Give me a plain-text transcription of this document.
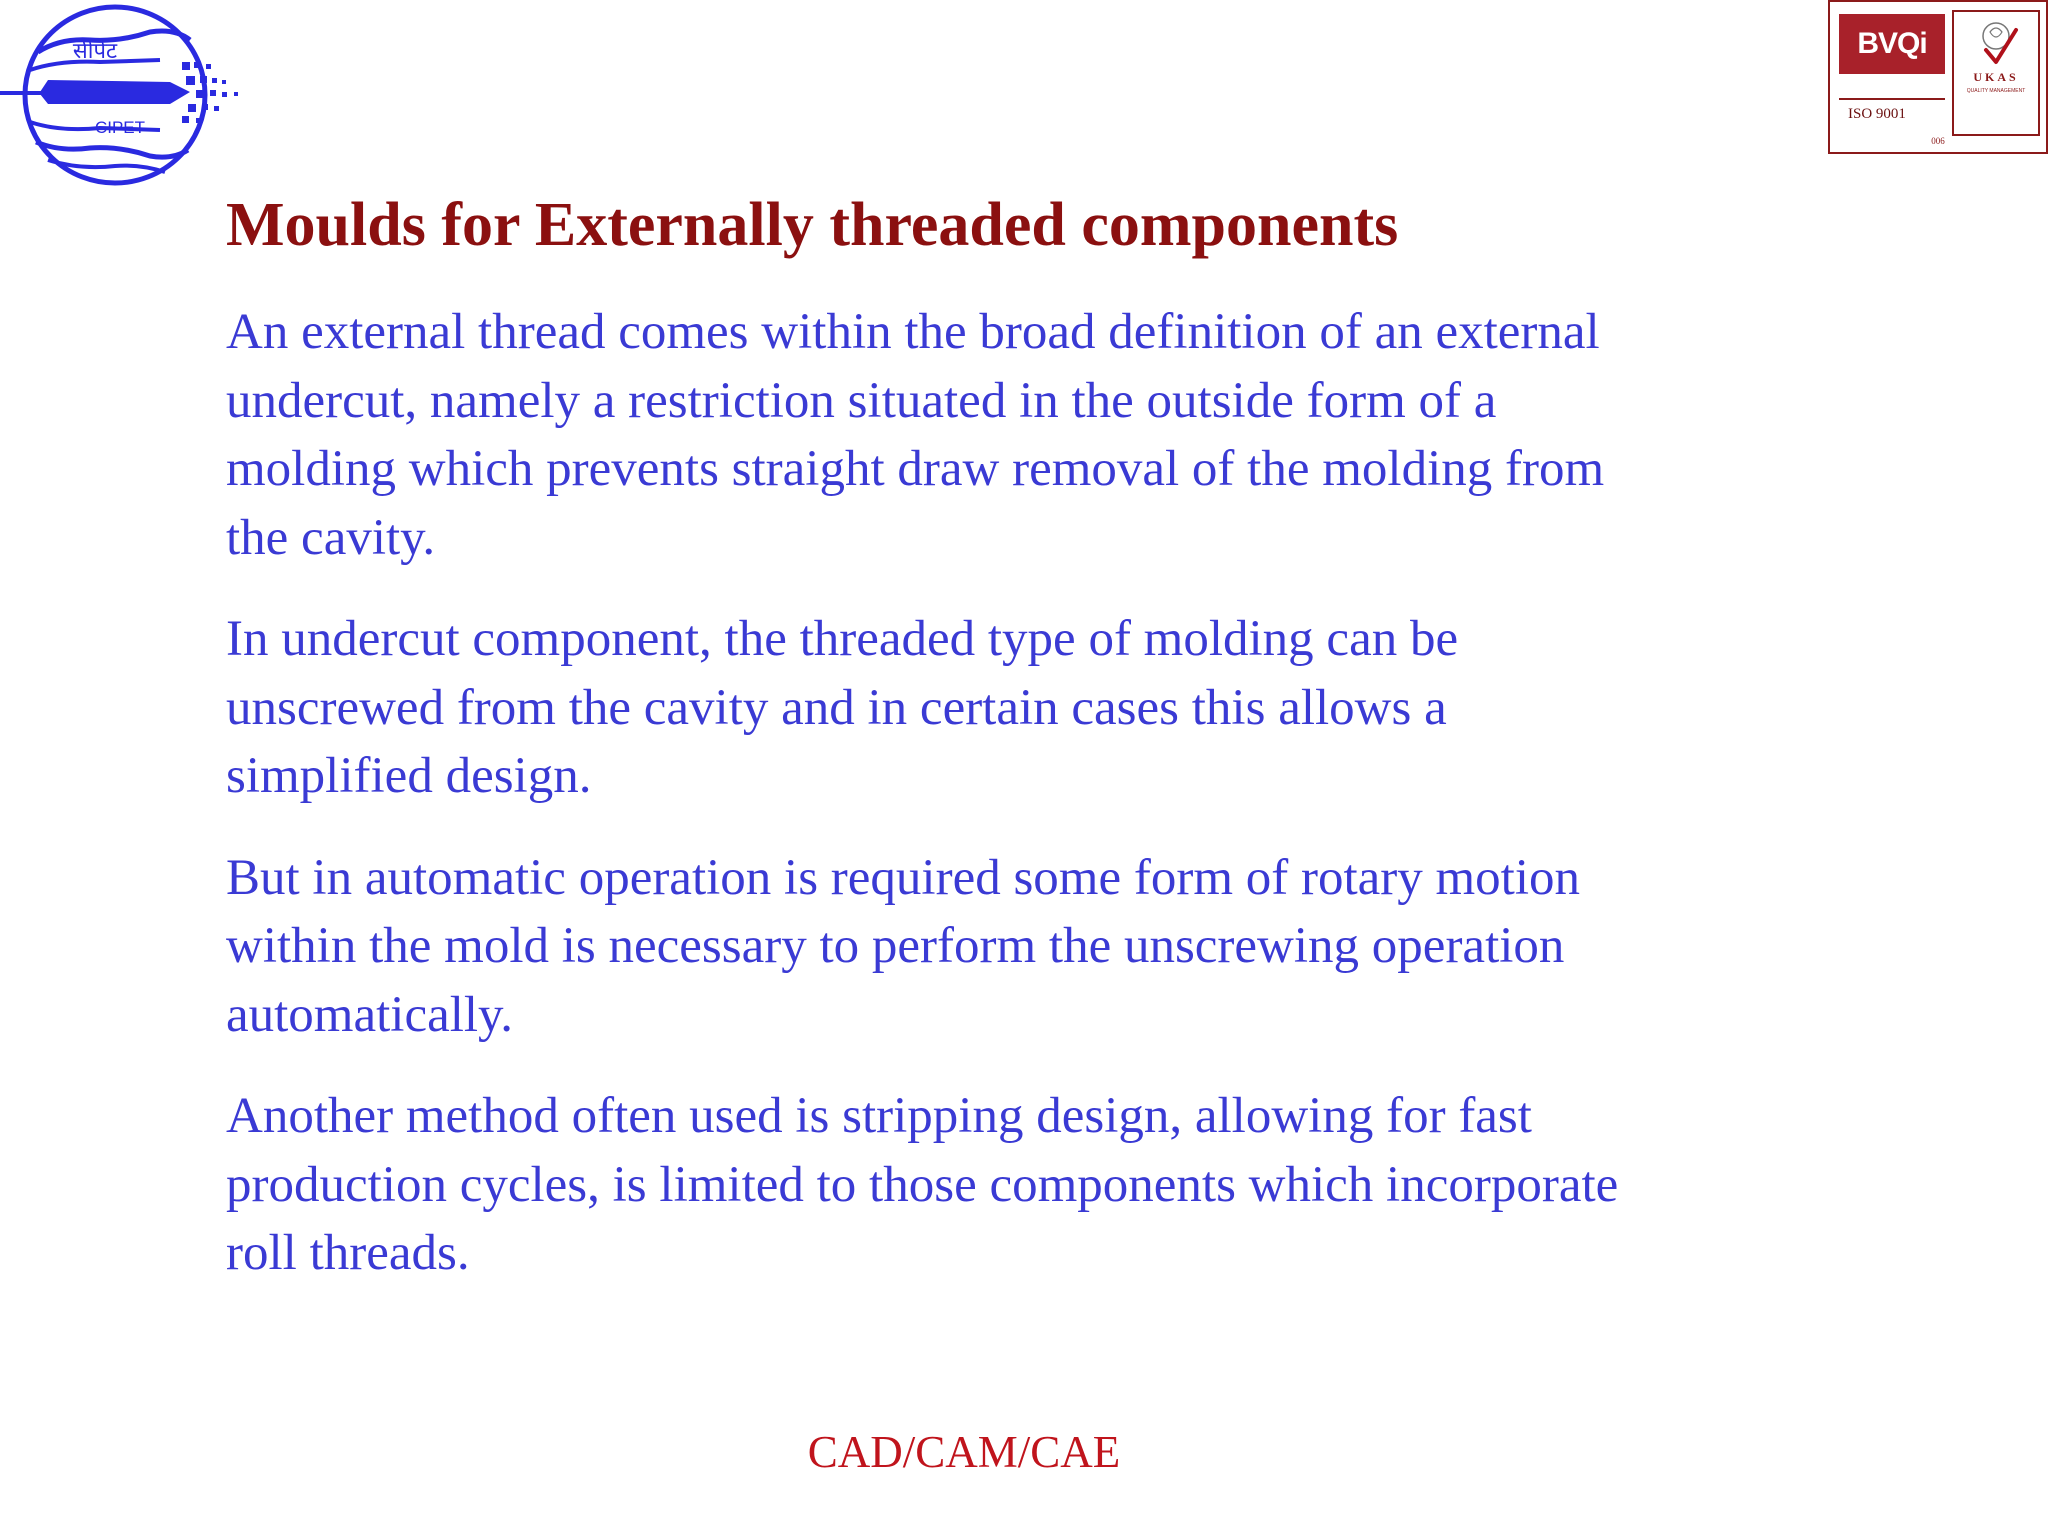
सीपेट
CIPET
BVQi
ISO 9001
UKAS
QUALITY MANAGEMENT
006
Moulds for Externally threaded components

An external thread comes within the broad definition of an external
undercut, namely a restriction situated in the outside form of a
molding which prevents straight draw removal of the molding from
the cavity.

In undercut component, the threaded type of molding can be
unscrewed from the cavity and in certain cases this allows a
simplified design.

But in automatic operation is required some form of rotary motion
within the mold is necessary to perform the unscrewing operation
automatically.

Another method often used is stripping design, allowing for fast
production cycles, is limited to those components which incorporate
roll threads.

CAD/CAM/CAE
